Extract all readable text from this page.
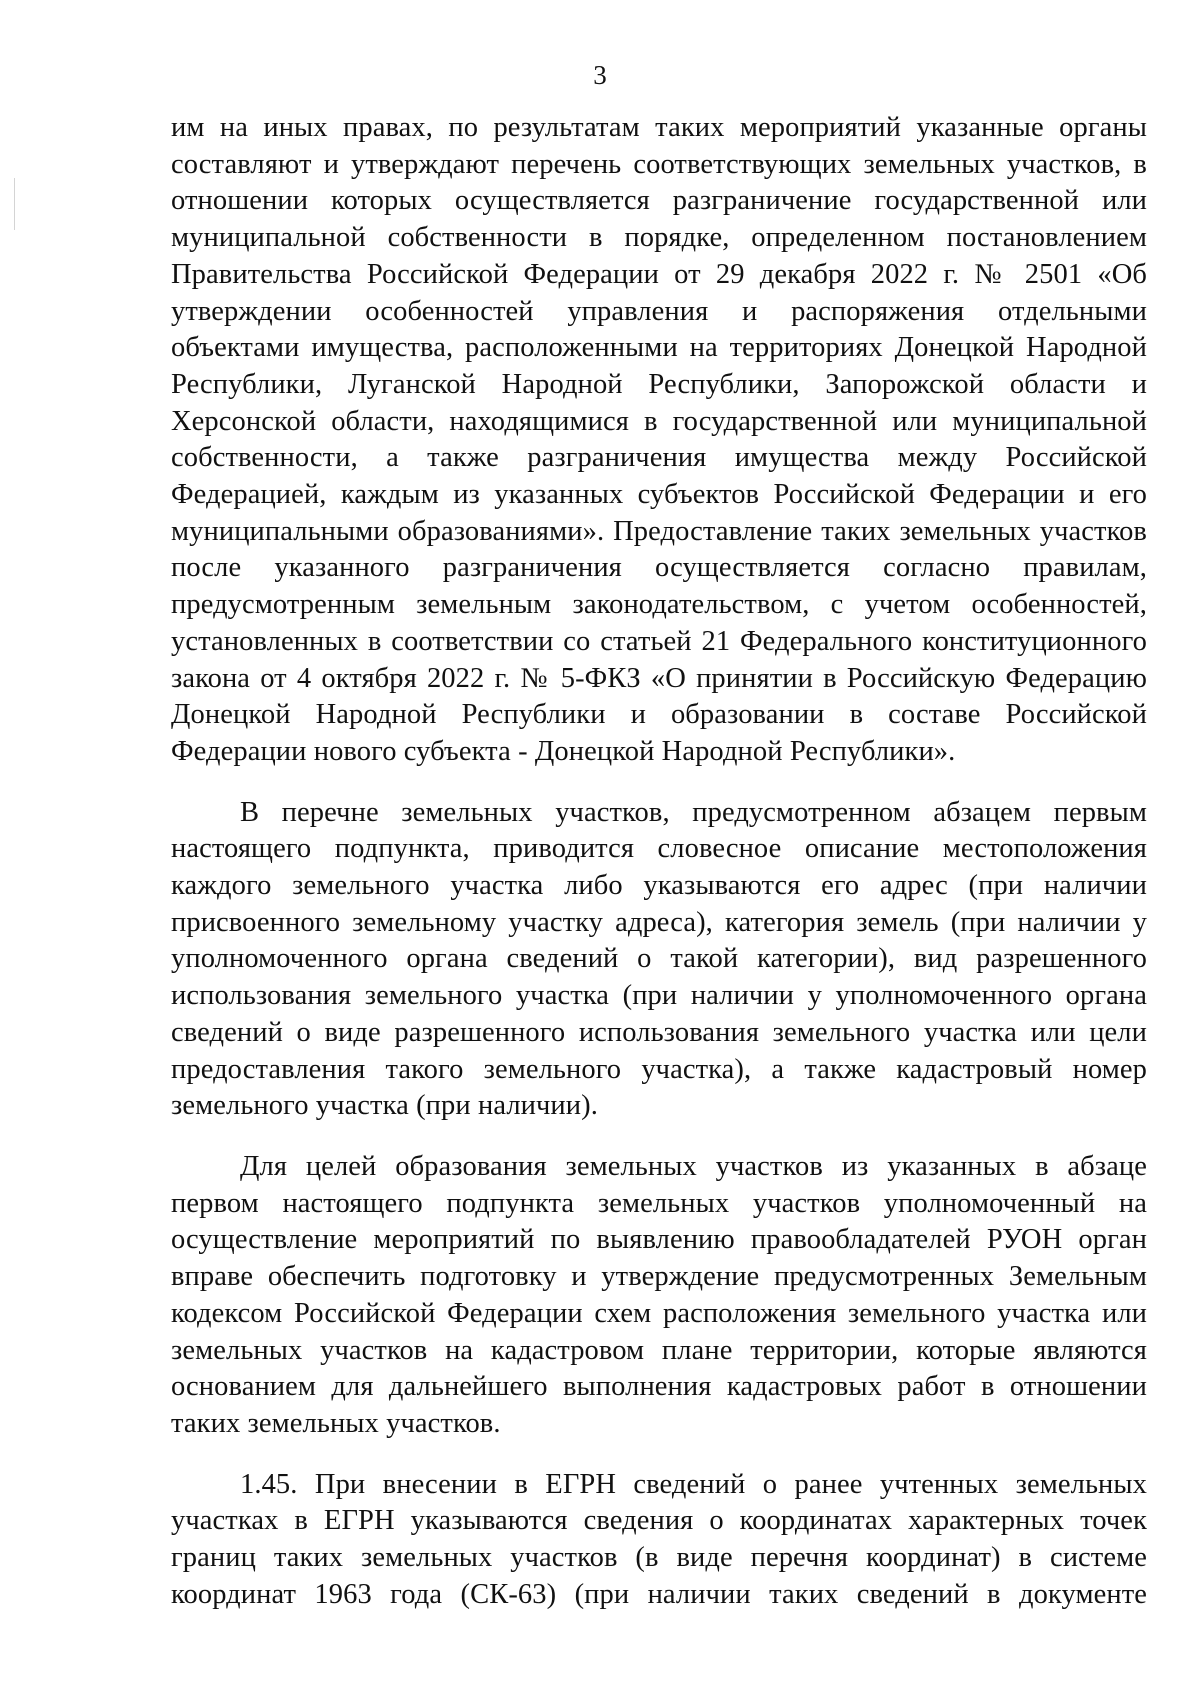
3

им на иных правах, по результатам таких мероприятий указанные органы составляют и утверждают перечень соответствующих земельных участков, в отношении которых осуществляется разграничение государственной или муниципальной собственности в порядке, определенном постановлением Правительства Российской Федерации от 29 декабря 2022 г. № 2501 «Об утверждении особенностей управления и распоряжения отдельными объектами имущества, расположенными на территориях Донецкой Народной Республики, Луганской Народной Республики, Запорожской области и Херсонской области, находящимися в государственной или муниципальной собственности, а также разграничения имущества между Российской Федерацией, каждым из указанных субъектов Российской Федерации и его муниципальными образованиями». Предоставление таких земельных участков после указанного разграничения осуществляется согласно правилам, предусмотренным земельным законодательством, с учетом особенностей, установленных в соответствии со статьей 21 Федерального конституционного закона от 4 октября 2022 г. № 5-ФКЗ «О принятии в Российскую Федерацию Донецкой Народной Республики и образовании в составе Российской Федерации нового субъекта - Донецкой Народной Республики».

В перечне земельных участков, предусмотренном абзацем первым настоящего подпункта, приводится словесное описание местоположения каждого земельного участка либо указываются его адрес (при наличии присвоенного земельному участку адреса), категория земель (при наличии у уполномоченного органа сведений о такой категории), вид разрешенного использования земельного участка (при наличии у уполномоченного органа сведений о виде разрешенного использования земельного участка или цели предоставления такого земельного участка), а также кадастровый номер земельного участка (при наличии).

Для целей образования земельных участков из указанных в абзаце первом настоящего подпункта земельных участков уполномоченный на осуществление мероприятий по выявлению правообладателей РУОН орган вправе обеспечить подготовку и утверждение предусмотренных Земельным кодексом Российской Федерации схем расположения земельного участка или земельных участков на кадастровом плане территории, которые являются основанием для дальнейшего выполнения кадастровых работ в отношении таких земельных участков.

1.45. При внесении в ЕГРН сведений о ранее учтенных земельных участках в ЕГРН указываются сведения о координатах характерных точек границ таких земельных участков (в виде перечня координат) в системе координат 1963 года (СК-63) (при наличии таких сведений в документе
